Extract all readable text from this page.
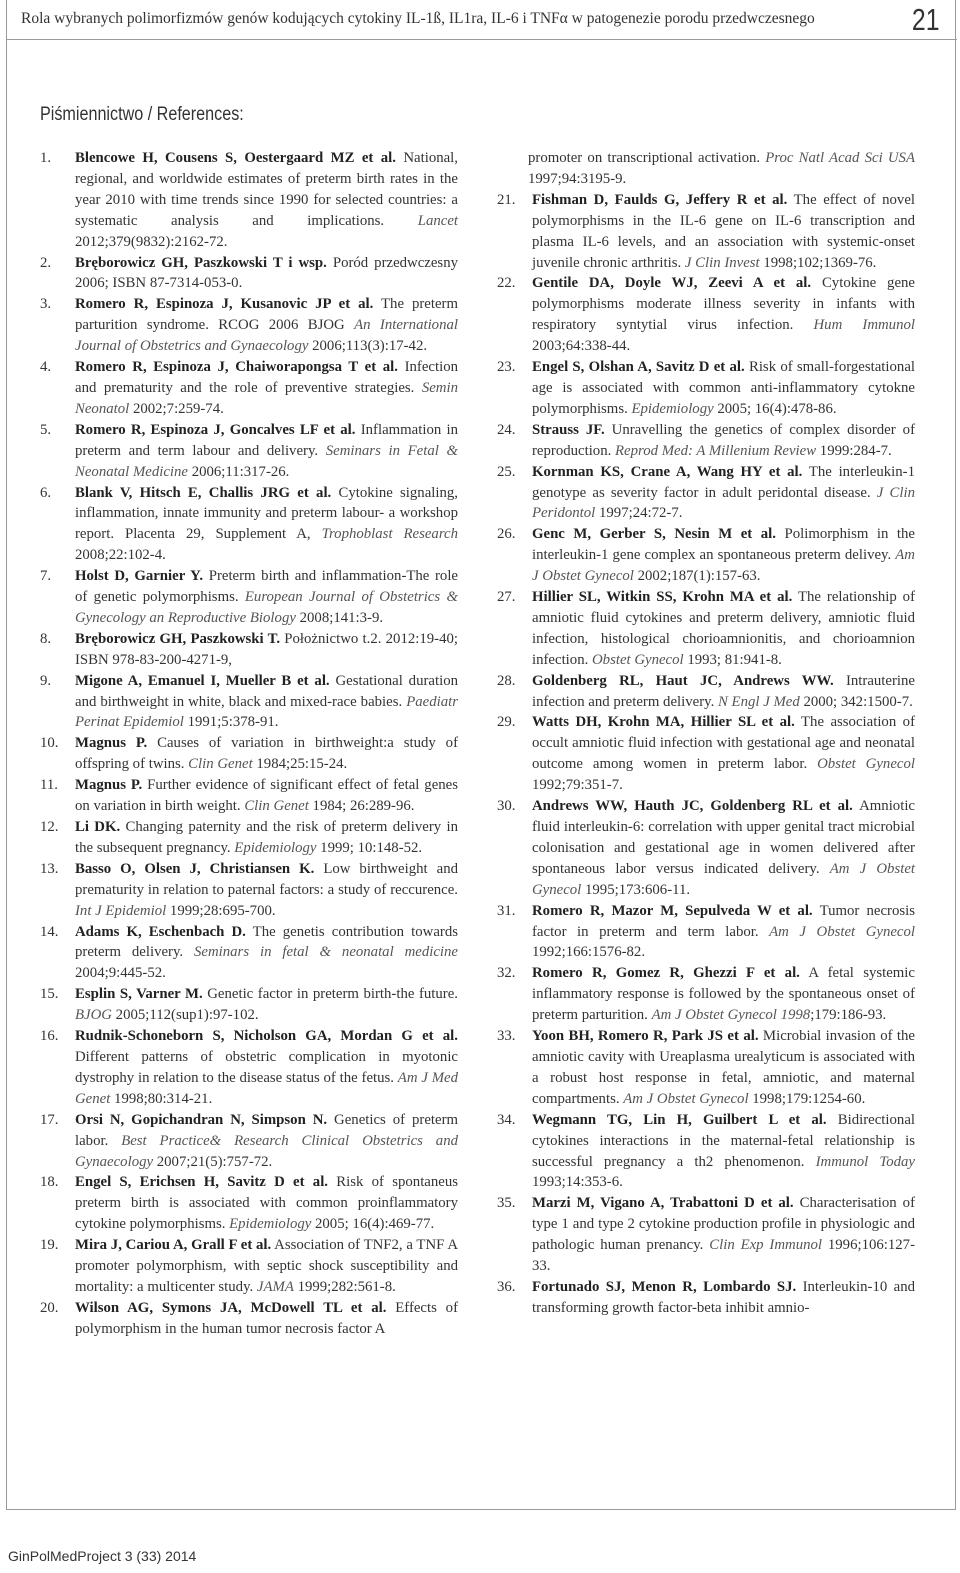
Rola wybranych polimorfizmów genów kodujących cytokiny IL-1ß, IL1ra, IL-6 i TNFα w patogenezie porodu przedwczesnego	21
Piśmiennictwo / References:
1. Blencowe H, Cousens S, Oestergaard MZ et al. National, regional, and worldwide estimates of preterm birth rates in the year 2010 with time trends since 1990 for selected countries: a systematic analysis and implications. Lancet 2012;379(9832):2162-72.
2. Bręborowicz GH, Paszkowski T i wsp. Poród przedwczesny 2006; ISBN 87-7314-053-0.
3. Romero R, Espinoza J, Kusanovic JP et al. The preterm parturition syndrome. RCOG 2006 BJOG An International Journal of Obstetrics and Gynaecology 2006;113(3):17-42.
4. Romero R, Espinoza J, Chaiworapongsa T et al. Infection and prematurity and the role of preventive strategies. Semin Neonatol 2002;7:259-74.
5. Romero R, Espinoza J, Goncalves LF et al. Inflammation in preterm and term labour and delivery. Seminars in Fetal & Neonatal Medicine 2006;11:317-26.
6. Blank V, Hitsch E, Challis JRG et al. Cytokine signaling, inflammation, innate immunity and preterm labour- a workshop report. Placenta 29, Supplement A, Trophoblast Research 2008;22:102-4.
7. Holst D, Garnier Y. Preterm birth and inflammation-The role of genetic polymorphisms. European Journal of Obstetrics & Gynecology an Reproductive Biology 2008;141:3-9.
8. Bręborowicz GH, Paszkowski T. Położnictwo t.2. 2012:19-40; ISBN 978-83-200-4271-9,
9. Migone A, Emanuel I, Mueller B et al. Gestational duration and birthweight in white, black and mixed-race babies. Paediatr Perinat Epidemiol 1991;5:378-91.
10. Magnus P. Causes of variation in birthweight:a study of offspring of twins. Clin Genet 1984;25:15-24.
11. Magnus P. Further evidence of significant effect of fetal genes on variation in birth weight. Clin Genet 1984; 26:289-96.
12. Li DK. Changing paternity and the risk of preterm delivery in the subsequent pregnancy. Epidemiology 1999; 10:148-52.
13. Basso O, Olsen J, Christiansen K. Low birthweight and prematurity in relation to paternal factors: a study of reccurence. Int J Epidemiol 1999;28:695-700.
14. Adams K, Eschenbach D. The genetis contribution towards preterm delivery. Seminars in fetal & neonatal medicine 2004;9:445-52.
15. Esplin S, Varner M. Genetic factor in preterm birth-the future. BJOG 2005;112(sup1):97-102.
16. Rudnik-Schoneborn S, Nicholson GA, Mordan G et al. Different patterns of obstetric complication in myotonic dystrophy in relation to the disease status of the fetus. Am J Med Genet 1998;80:314-21.
17. Orsi N, Gopichandran N, Simpson N. Genetics of preterm labor. Best Practice& Research Clinical Obstetrics and Gynaecology 2007;21(5):757-72.
18. Engel S, Erichsen H, Savitz D et al. Risk of spontaneus preterm birth is associated with common proinflammatory cytokine polymorphisms. Epidemiology 2005; 16(4):469-77.
19. Mira J, Cariou A, Grall F et al. Association of TNF2, a TNF A promoter polymorphism, with septic shock susceptibility and mortality: a multicenter study. JAMA 1999;282:561-8.
20. Wilson AG, Symons JA, McDowell TL et al. Effects of polymorphism in the human tumor necrosis factor A

promoter on transcriptional activation. Proc Natl Acad Sci USA 1997;94:3195-9.

21. Fishman D, Faulds G, Jeffery R et al. The effect of novel polymorphisms in the IL-6 gene on IL-6 transcription and plasma IL-6 levels, and an association with systemic-onset juvenile chronic arthritis. J Clin Invest 1998;102;1369-76.
22. Gentile DA, Doyle WJ, Zeevi A et al. Cytokine gene polymorphisms moderate illness severity in infants with respiratory syntytial virus infection. Hum Immunol 2003;64:338-44.
23. Engel S, Olshan A, Savitz D et al. Risk of small-forgestational age is associated with common anti-inflammatory cytokne polymorphisms. Epidemiology 2005; 16(4):478-86.
24. Strauss JF. Unravelling the genetics of complex disorder of reproduction. Reprod Med: A Millenium Review 1999:284-7.
25. Kornman KS, Crane A, Wang HY et al. The interleukin-1 genotype as severity factor in adult peridontal disease. J Clin Peridontol 1997;24:72-7.
26. Genc M, Gerber S, Nesin M et al. Polimorphism in the interleukin-1 gene complex an spontaneous preterm delivey. Am J Obstet Gynecol 2002;187(1):157-63.
27. Hillier SL, Witkin SS, Krohn MA et al. The relationship of amniotic fluid cytokines and preterm delivery, amniotic fluid infection, histological chorioamnionitis, and chorioamnion infection. Obstet Gynecol 1993; 81:941-8.
28. Goldenberg RL, Haut JC, Andrews WW. Intrauterine infection and preterm delivery. N Engl J Med 2000; 342:1500-7.
29. Watts DH, Krohn MA, Hillier SL et al. The association of occult amniotic fluid infection with gestational age and neonatal outcome among women in preterm labor. Obstet Gynecol 1992;79:351-7.
30. Andrews WW, Hauth JC, Goldenberg RL et al. Amniotic fluid interleukin-6: correlation with upper genital tract microbial colonisation and gestational age in women delivered after spontaneous labor versus indicated delivery. Am J Obstet Gynecol 1995;173:606-11.
31. Romero R, Mazor M, Sepulveda W et al. Tumor necrosis factor in preterm and term labor. Am J Obstet Gynecol 1992;166:1576-82.
32. Romero R, Gomez R, Ghezzi F et al. A fetal systemic inflammatory response is followed by the spontaneous onset of preterm parturition. Am J Obstet Gynecol 1998;179:186-93.
33. Yoon BH, Romero R, Park JS et al. Microbial invasion of the amniotic cavity with Ureaplasma urealyticum is associated with a robust host response in fetal, amniotic, and maternal compartments. Am J Obstet Gynecol 1998;179:1254-60.
34. Wegmann TG, Lin H, Guilbert L et al. Bidirectional cytokines interactions in the maternal-fetal relationship is successful pregnancy a th2 phenomenon. Immunol Today 1993;14:353-6.
35. Marzi M, Vigano A, Trabattoni D et al. Characterisation of type 1 and type 2 cytokine production profile in physiologic and pathologic human prenancy. Clin Exp Immunol 1996;106:127-33.
36. Fortunado SJ, Menon R, Lombardo SJ. Interleukin-10 and transforming growth factor-beta inhibit amnio-
GinPolMedProject 3 (33) 2014
